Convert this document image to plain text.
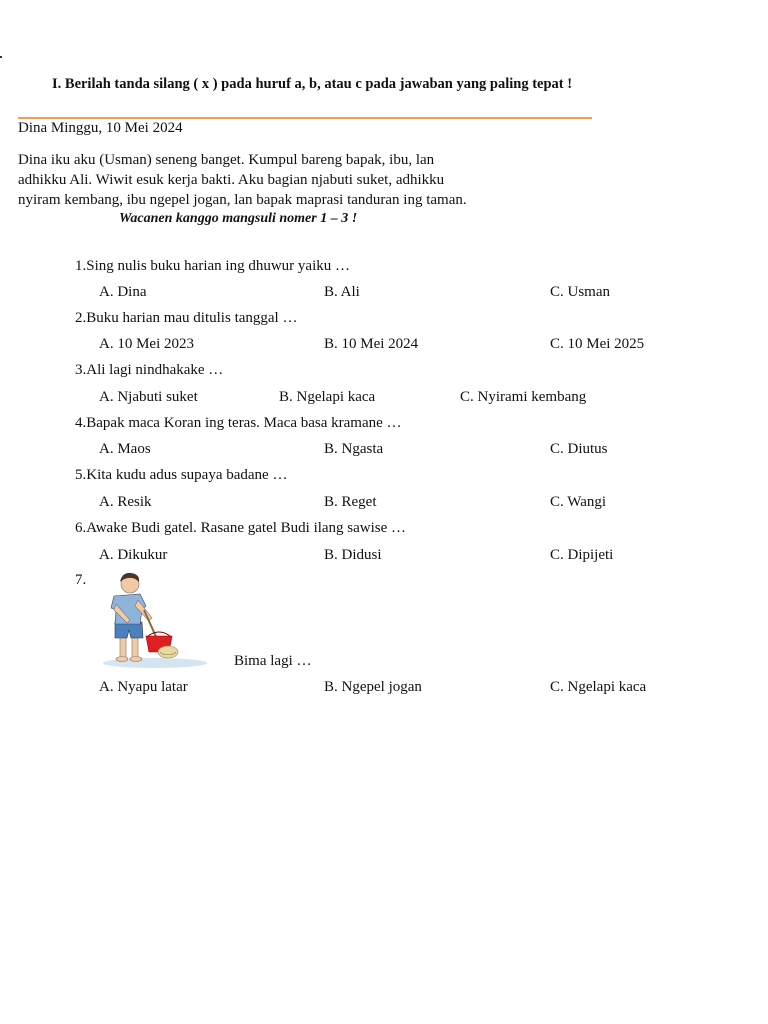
I. Berilah tanda silang ( x ) pada huruf a, b, atau c pada jawaban yang paling tepat !
Dina Minggu, 10 Mei 2024
Dina iku aku (Usman) seneng banget. Kumpul bareng bapak, ibu, lan
adhikku Ali. Wiwit esuk kerja bakti. Aku bagian njabuti suket, adhikku
nyiram kembang, ibu ngepel jogan, lan bapak maprasi tanduran ing taman.
Wacanen kanggo mangsuli nomer 1 – 3 !
1.Sing nulis buku harian ing dhuwur yaiku …
A. Dina	B. Ali	C. Usman
2.Buku harian mau ditulis tanggal …
A. 10 Mei 2023	B. 10 Mei 2024	C. 10 Mei 2025
3.Ali lagi nindhakake …
A. Njabuti suket	B. Ngelapi kaca	C. Nyirami kembang
4.Bapak maca Koran ing teras. Maca basa kramane …
A. Maos	B. Ngasta	C. Diutus
5.Kita kudu adus supaya badane …
A. Resik	B. Reget	C. Wangi
6.Awake Budi gatel. Rasane gatel Budi ilang sawise …
A. Dikukur	B. Didusi	C. Dipijeti
7.
Bima lagi …
A. Nyapu latar	B. Ngepel jogan	C. Ngelapi kaca
